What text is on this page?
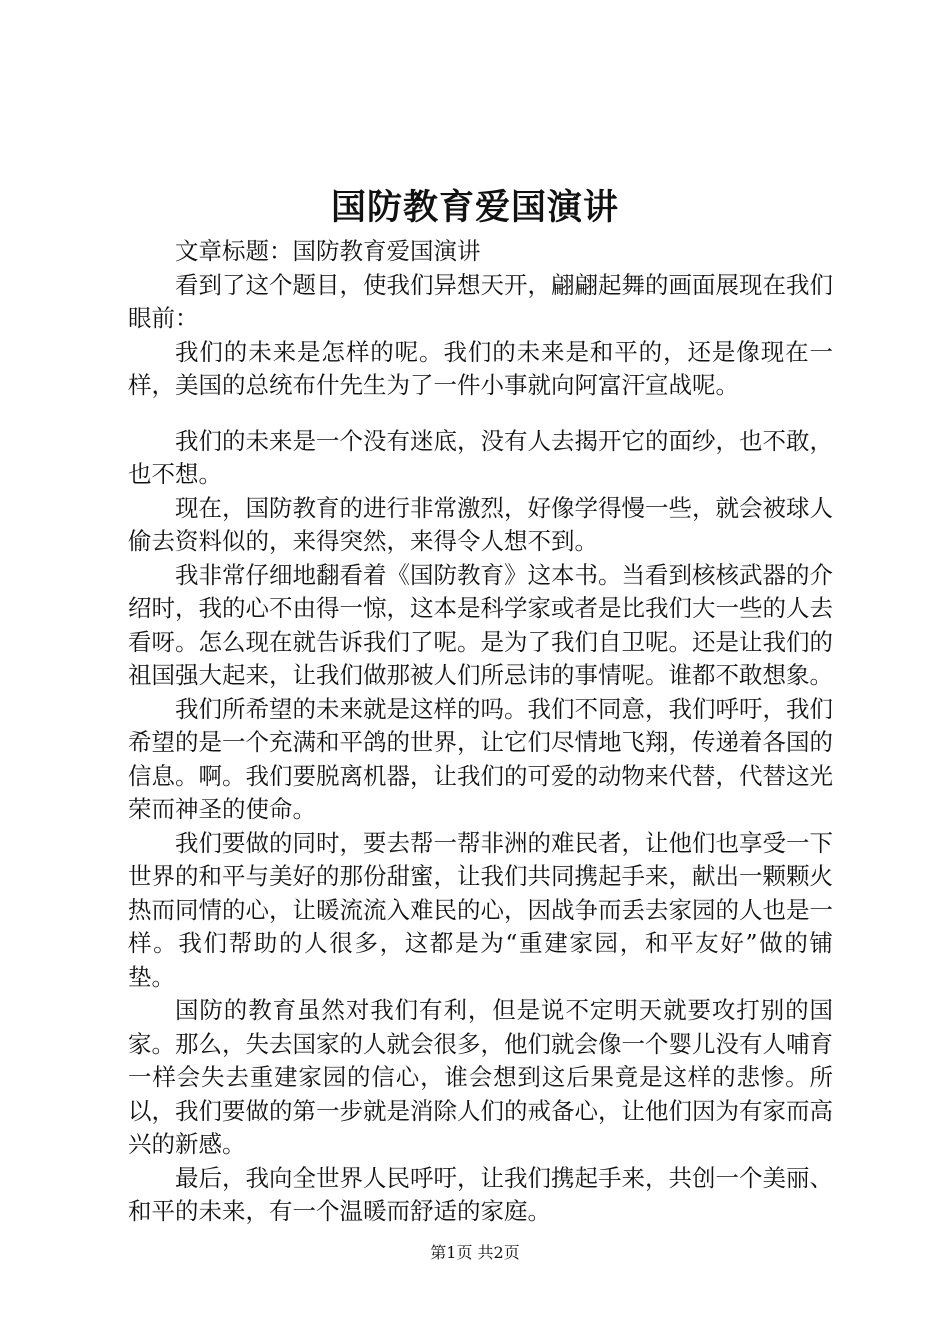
国防教育爱国演讲

文章标题：国防教育爱国演讲

看到了这个题目，使我们异想天开，翩翩起舞的画面展现在我们眼前：

我们的未来是怎样的呢。我们的未来是和平的，还是像现在一样，美国的总统布什先生为了一件小事就向阿富汗宣战呢。

我们的未来是一个没有迷底，没有人去揭开它的面纱，也不敢，也不想。

现在，国防教育的进行非常激烈，好像学得慢一些，就会被球人偷去资料似的，来得突然，来得令人想不到。

我非常仔细地翻看着《国防教育》这本书。当看到核核武器的介绍时，我的心不由得一惊，这本是科学家或者是比我们大一些的人去看呀。怎么现在就告诉我们了呢。是为了我们自卫呢。还是让我们的祖国强大起来，让我们做那被人们所忌讳的事情呢。谁都不敢想象。

我们所希望的未来就是这样的吗。我们不同意，我们呼吁，我们希望的是一个充满和平鸽的世界，让它们尽情地飞翔，传递着各国的信息。啊。我们要脱离机器，让我们的可爱的动物来代替，代替这光荣而神圣的使命。

我们要做的同时，要去帮一帮非洲的难民者，让他们也享受一下世界的和平与美好的那份甜蜜，让我们共同携起手来，献出一颗颗火热而同情的心，让暖流流入难民的心，因战争而丢去家园的人也是一样。我们帮助的人很多，这都是为“重建家园，和平友好”做的铺垫。

国防的教育虽然对我们有利，但是说不定明天就要攻打别的国家。那么，失去国家的人就会很多，他们就会像一个婴儿没有人哺育一样会失去重建家园的信心，谁会想到这后果竟是这样的悲惨。所以，我们要做的第一步就是消除人们的戒备心，让他们因为有家而高兴的新感。

最后，我向全世界人民呼吁，让我们携起手来，共创一个美丽、和平的未来，有一个温暖而舒适的家庭。

第1页 共2页
